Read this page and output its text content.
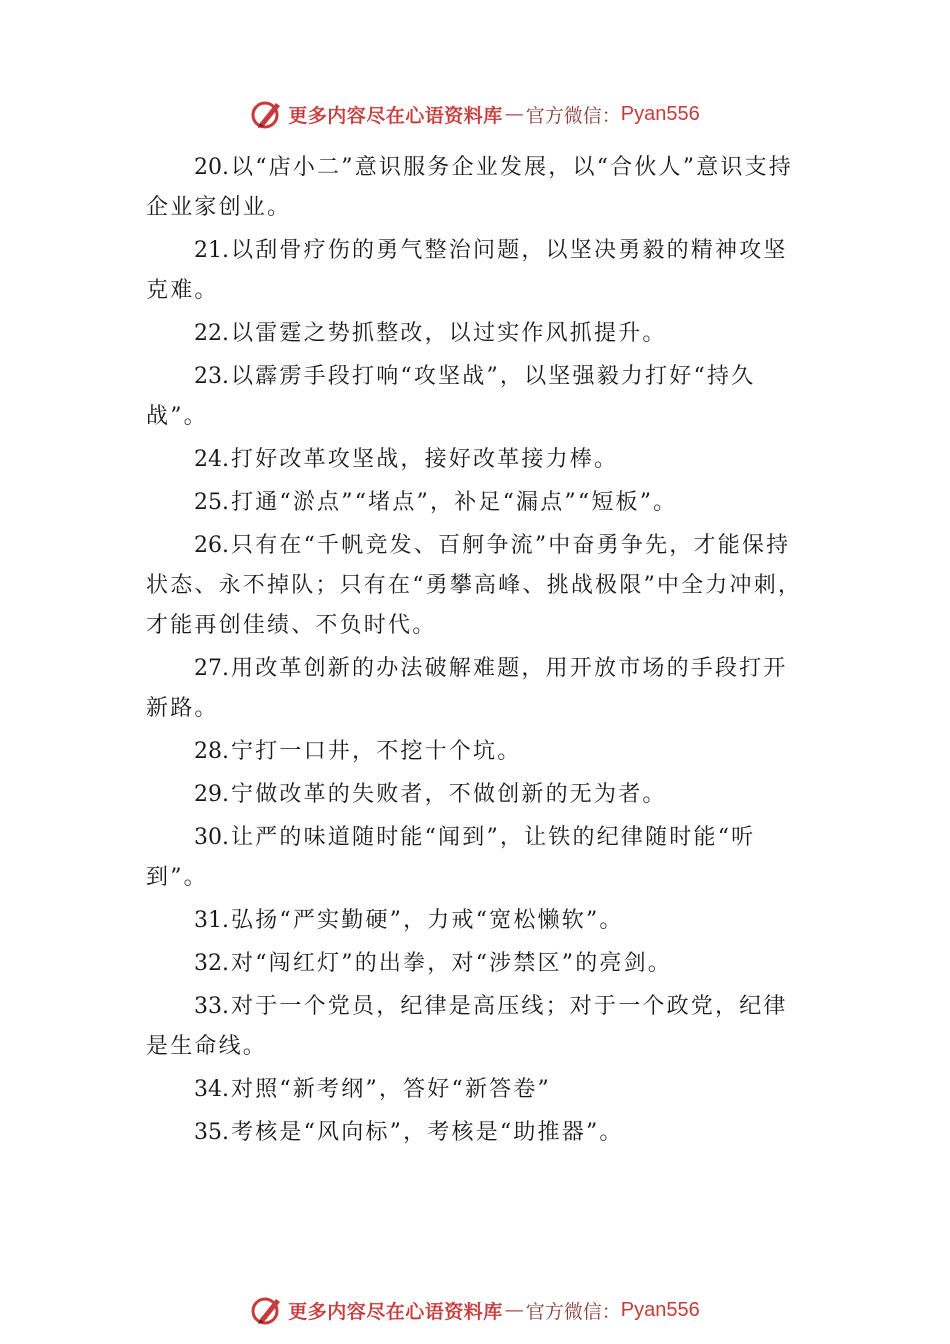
更多内容尽在心语资料库 — 官方微信： Pyan556

20.以“店小二”意识服务企业发展，以“合伙人”意识支持企业家创业。

21.以刮骨疗伤的勇气整治问题，以坚决勇毅的精神攻坚克难。

22.以雷霆之势抓整改，以过实作风抓提升。

23.以霹雳手段打响“攻坚战”，以坚强毅力打好“持久战”。

24.打好改革攻坚战，接好改革接力棒。

25.打通“淤点”“堵点”，补足“漏点”“短板”。

26.只有在“千帆竞发、百舸争流”中奋勇争先，才能保持状态、永不掉队；只有在“勇攀高峰、挑战极限”中全力冲刺，才能再创佳绩、不负时代。

27.用改革创新的办法破解难题，用开放市场的手段打开新路。

28.宁打一口井，不挖十个坑。

29.宁做改革的失败者，不做创新的无为者。

30.让严的味道随时能“闻到”，让铁的纪律随时能“听到”。

31.弘扬“严实勤硬”，力戒“宽松懒软”。

32.对“闯红灯”的出拳，对“涉禁区”的亮剑。

33.对于一个党员，纪律是高压线；对于一个政党，纪律是生命线。

34.对照“新考纲”，答好“新答卷”

35.考核是“风向标”，考核是“助推器”。

更多内容尽在心语资料库 — 官方微信： Pyan556
